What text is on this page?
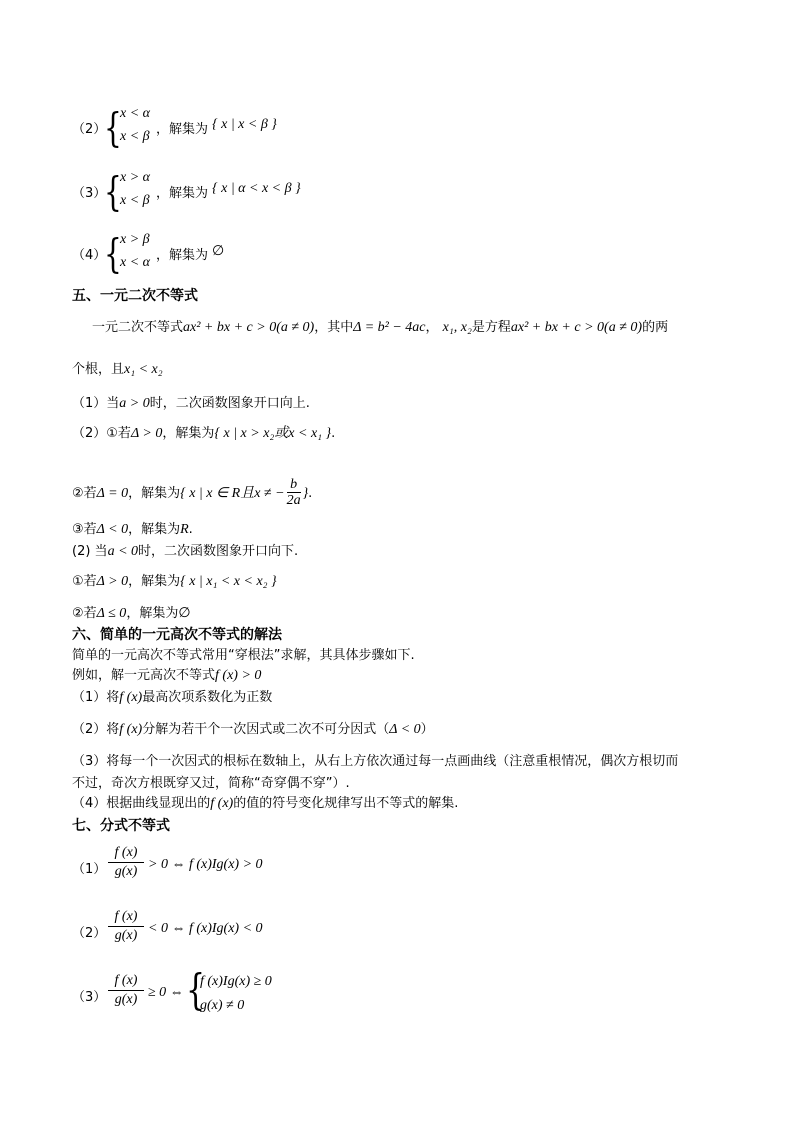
（2）
{
x < α
x < β ，解集为 { x | x < β }
（3）
{
x > α
x < β ，解集为 { x | α < x < β }
（4）
{
x > β
x < α ，解集为 ∅
五、一元二次不等式
一元二次不等式ax² + bx + c > 0(a ≠ 0)，其中Δ = b² − 4ac， x₁, x₂是方程ax² + bx + c > 0(a ≠ 0)的两
个根，且x₁ < x₂
（1）当a > 0时，二次函数图象开口向上.
（2）①若Δ > 0，解集为{ x | x > x₂或x < x₁ }.
②若Δ = 0，解集为{ x | x ∈ R且x ≠ − $\frac{b}{2a}$ }.
③若Δ < 0，解集为R.
(2) 当a < 0时，二次函数图象开口向下.
①若Δ > 0，解集为{ x | x₁ < x < x₂ }
②若Δ ≤ 0，解集为∅
六、简单的一元高次不等式的解法
简单的一元高次不等式常用“穿根法”求解，其具体步骤如下.
例如，解一元高次不等式f (x) > 0
（1）将f (x)最高次项系数化为正数
（2）将f (x)分解为若干个一次因式或二次不可分因式（Δ < 0）
（3）将每一个一次因式的根标在数轴上，从右上方依次通过每一点画曲线（注意重根情况，偶次方根切而
不过，奇次方根既穿又过，简称“奇穿偶不穿”）.
（4）根据曲线显现出的f (x)的值的符号变化规律写出不等式的解集.
七、分式不等式
（1）
f (x)
g(x) > 0 ⇔ f (x)Ӏg(x) > 0
（2）
f (x)
g(x) < 0 ⇔ f (x)Ӏg(x) < 0
（3）
f (x)
g(x) ≥ 0 ⇔ {
f (x)Ӏg(x) ≥ 0
g(x) ≠ 0
